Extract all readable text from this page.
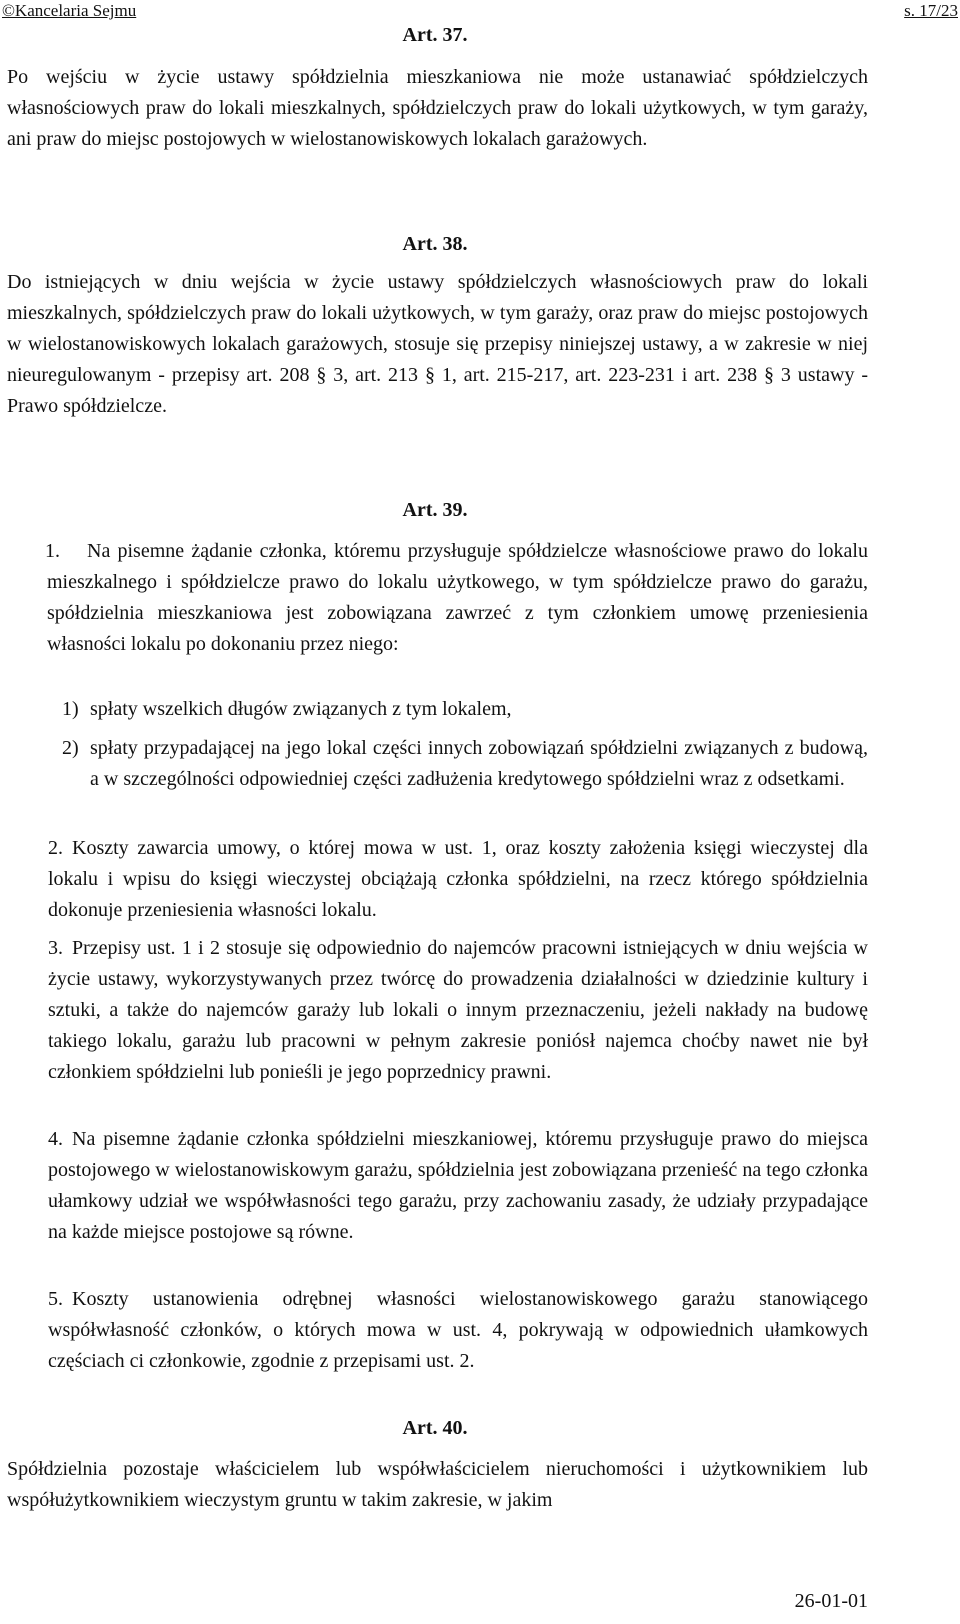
©Kancelaria Sejmu	s. 17/23
Art. 37.
Po wejściu w życie ustawy spółdzielnia mieszkaniowa nie może ustanawiać spółdzielczych własnościowych praw do lokali mieszkalnych, spółdzielczych praw do lokali użytkowych, w tym garaży, ani praw do miejsc postojowych w wielostanowiskowych lokalach garażowych.
Art. 38.
Do istniejących w dniu wejścia w życie ustawy spółdzielczych własnościowych praw do lokali mieszkalnych, spółdzielczych praw do lokali użytkowych, w tym garaży, oraz praw do miejsc postojowych w wielostanowiskowych lokalach garażowych, stosuje się przepisy niniejszej ustawy, a w zakresie w niej nieuregulowanym - przepisy art. 208 § 3, art. 213 § 1, art. 215-217, art. 223-231 i art. 238 § 3 ustawy - Prawo spółdzielcze.
Art. 39.
1.	Na pisemne żądanie członka, któremu przysługuje spółdzielcze własnościowe prawo do lokalu mieszkalnego i spółdzielcze prawo do lokalu użytkowego, w tym spółdzielcze prawo do garażu, spółdzielnia mieszkaniowa jest zobowiązana zawrzeć z tym członkiem umowę przeniesienia własności lokalu po dokonaniu przez niego:
1) spłaty wszelkich długów związanych z tym lokalem,
2) spłaty przypadającej na jego lokal części innych zobowiązań spółdzielni związanych z budową, a w szczególności odpowiedniej części zadłużenia kredytowego spółdzielni wraz z odsetkami.
2. Koszty zawarcia umowy, o której mowa w ust. 1, oraz koszty założenia księgi wieczystej dla lokalu i wpisu do księgi wieczystej obciążają członka spółdzielni, na rzecz którego spółdzielnia dokonuje przeniesienia własności lokalu.
3. Przepisy ust. 1 i 2 stosuje się odpowiednio do najemców pracowni istniejących w dniu wejścia w życie ustawy, wykorzystywanych przez twórcę do prowadzenia działalności w dziedzinie kultury i sztuki, a także do najemców garaży lub lokali o innym przeznaczeniu, jeżeli nakłady na budowę takiego lokalu, garażu lub pracowni w pełnym zakresie poniósł najemca choćby nawet nie był członkiem spółdzielni lub ponieśli je jego poprzednicy prawni.
4. Na pisemne żądanie członka spółdzielni mieszkaniowej, któremu przysługuje prawo do miejsca postojowego w wielostanowiskowym garażu, spółdzielnia jest zobowiązana przenieść na tego członka ułamkowy udział we współwłasności tego garażu, przy zachowaniu zasady, że udziały przypadające na każde miejsce postojowe są równe.
5. Koszty ustanowienia odrębnej własności wielostanowiskowego garażu stanowiącego współwłasność członków, o których mowa w ust. 4, pokrywają w odpowiednich ułamkowych częściach ci członkowie, zgodnie z przepisami ust. 2.
Art. 40.
Spółdzielnia pozostaje właścicielem lub współwłaścicielem nieruchomości i użytkownikiem lub współużytkownikiem wieczystym gruntu w takim zakresie, w jakim
26-01-01
